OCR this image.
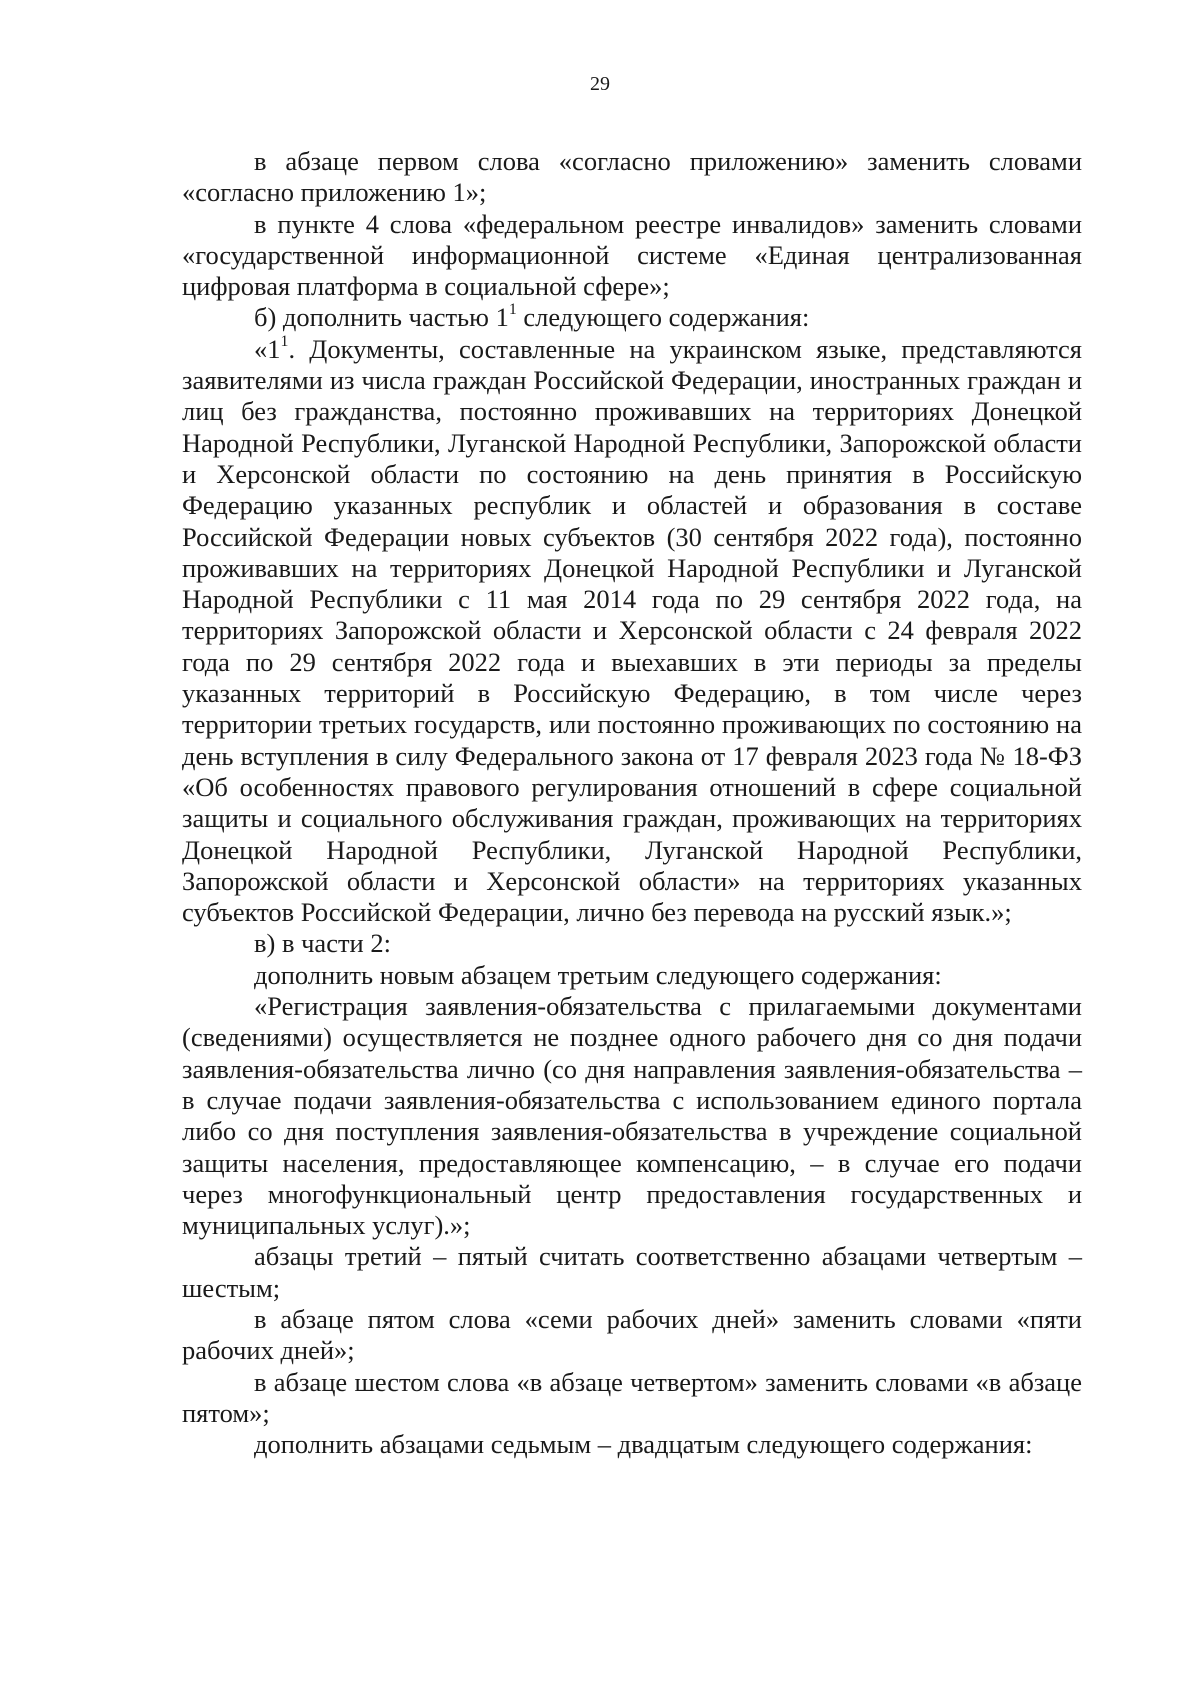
29

в абзаце первом слова «согласно приложению» заменить словами «согласно приложению 1»;

в пункте 4 слова «федеральном реестре инвалидов» заменить словами «государственной информационной системе «Единая централизованная цифровая платформа в социальной сфере»;

б) дополнить частью $1^1$ следующего содержания:

«$1^1$. Документы, составленные на украинском языке, представляются заявителями из числа граждан Российской Федерации, иностранных граждан и лиц без гражданства, постоянно проживавших на территориях Донецкой Народной Республики, Луганской Народной Республики, Запорожской области и Херсонской области по состоянию на день принятия в Российскую Федерацию указанных республик и областей и образования в составе Российской Федерации новых субъектов (30 сентября 2022 года), постоянно проживавших на территориях Донецкой Народной Республики и Луганской Народной Республики с 11 мая 2014 года по 29 сентября 2022 года, на территориях Запорожской области и Херсонской области с 24 февраля 2022 года по 29 сентября 2022 года и выехавших в эти периоды за пределы указанных территорий в Российскую Федерацию, в том числе через территории третьих государств, или постоянно проживающих по состоянию на день вступления в силу Федерального закона от 17 февраля 2023 года № 18-ФЗ «Об особенностях правового регулирования отношений в сфере социальной защиты и социального обслуживания граждан, проживающих на территориях Донецкой Народной Республики, Луганской Народной Республики, Запорожской области и Херсонской области» на территориях указанных субъектов Российской Федерации, лично без перевода на русский язык.»;

в) в части 2:

дополнить новым абзацем третьим следующего содержания:

«Регистрация заявления-обязательства с прилагаемыми документами (сведениями) осуществляется не позднее одного рабочего дня со дня подачи заявления-обязательства лично (со дня направления заявления-обязательства – в случае подачи заявления-обязательства с использованием единого портала либо со дня поступления заявления-обязательства в учреждение социальной защиты населения, предоставляющее компенсацию, – в случае его подачи через многофункциональный центр предоставления государственных и муниципальных услуг).»;

абзацы третий – пятый считать соответственно абзацами четвертым – шестым;

в абзаце пятом слова «семи рабочих дней» заменить словами «пяти рабочих дней»;

в абзаце шестом слова «в абзаце четвертом» заменить словами «в абзаце пятом»;

дополнить абзацами седьмым – двадцатым следующего содержания:
